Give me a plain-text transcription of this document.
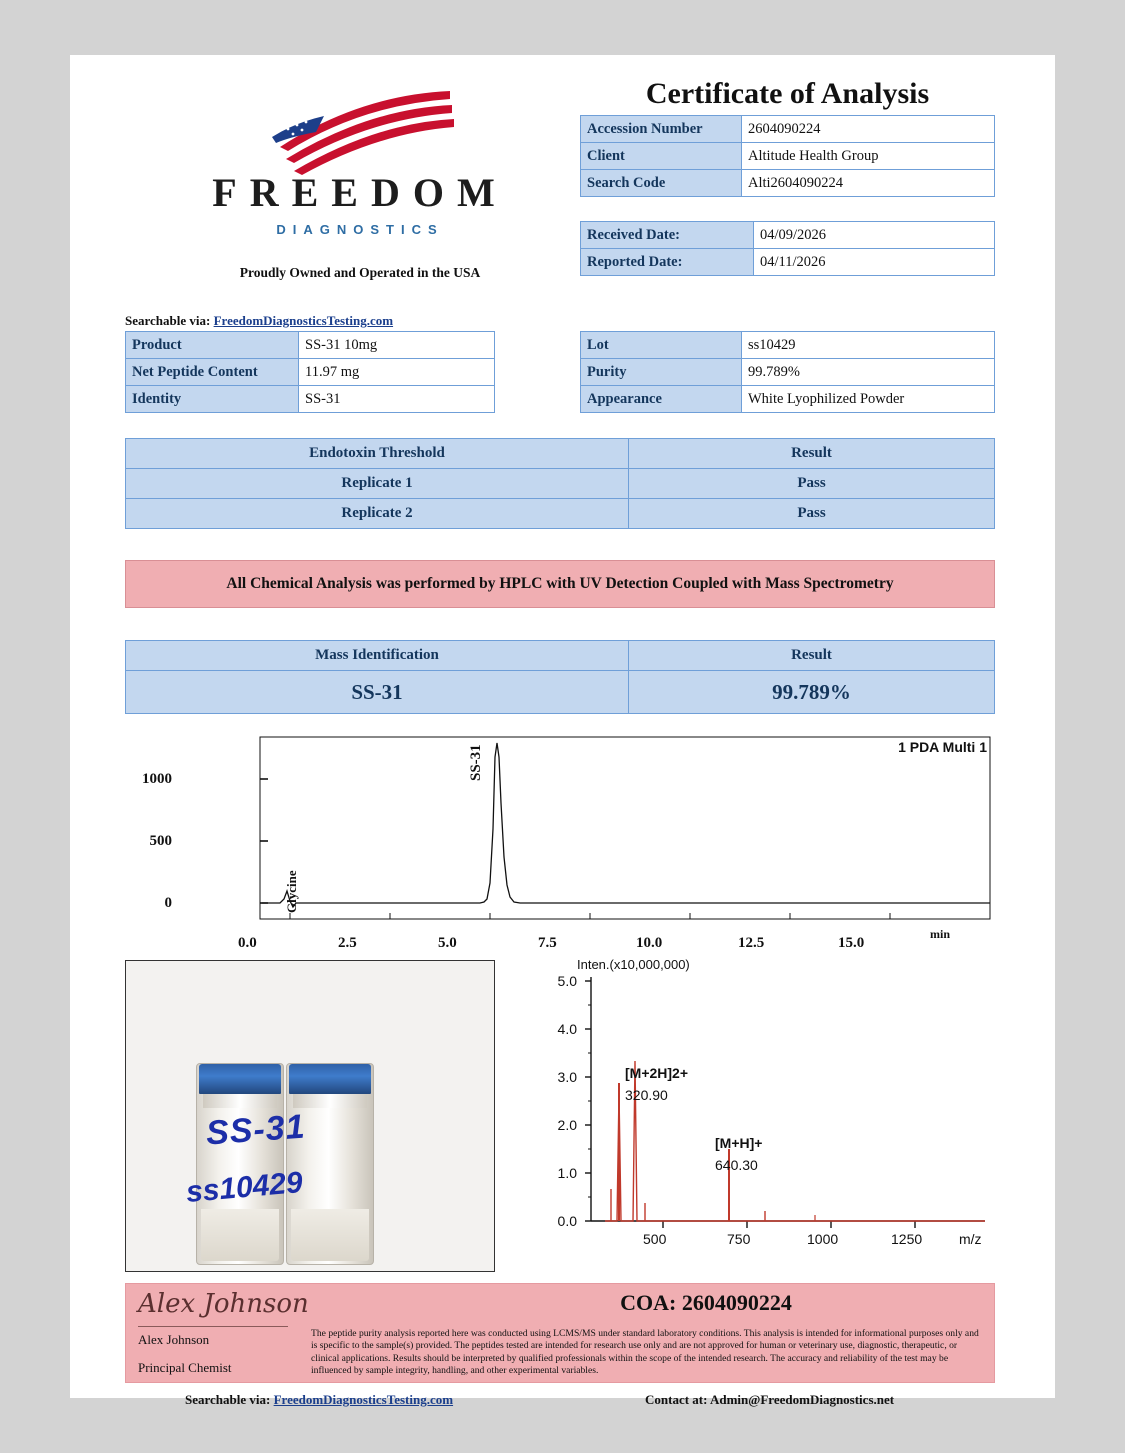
FREEDOM
DIAGNOSTICS
Proudly Owned and Operated in the USA
Searchable via: FreedomDiagnosticsTesting.com
Certificate of Analysis
Accession Number	2604090224
Client	Altitude Health Group
Search Code	Alti2604090224
Received Date:	04/09/2026
Reported Date:	04/11/2026
Product	SS-31 10mg
Net Peptide Content	11.97 mg
Identity	SS-31
Lot	ss10429
Purity	99.789%
Appearance	White Lyophilized Powder
Endotoxin Threshold	Result
Replicate 1	Pass
Replicate 2	Pass
All Chemical Analysis was performed by HPLC with UV Detection Coupled with Mass Spectrometry
Mass Identification	Result
SS-31	99.789%
SS-31	1 PDA Multi 1
1000
500
0	Glycine
0.0	2.5	5.0	7.5	10.0	12.5	15.0
min
SS-31
ss10429
Inten.(x10,000,000)
5.0
4.0
3.0
2.0
1.0
0.0
500	750	1000	1250	m/z
[M+2H]2+
320.90
[M+H]+
640.30
Alex Johnson
Alex Johnson
Principal Chemist
COA: 2604090224
The peptide purity analysis reported here was conducted using LCMS/MS under standard laboratory conditions. This analysis is intended for informational purposes only and is specific to the sample(s) provided. The peptides tested are intended for research use only and are not approved for human or veterinary use, diagnostic, therapeutic, or clinical applications. Results should be interpreted by qualified professionals within the scope of the intended research. The accuracy and reliability of the test may be influenced by sample integrity, handling, and other experimental variables.
Searchable via: FreedomDiagnosticsTesting.com	Contact at: Admin@FreedomDiagnostics.net
